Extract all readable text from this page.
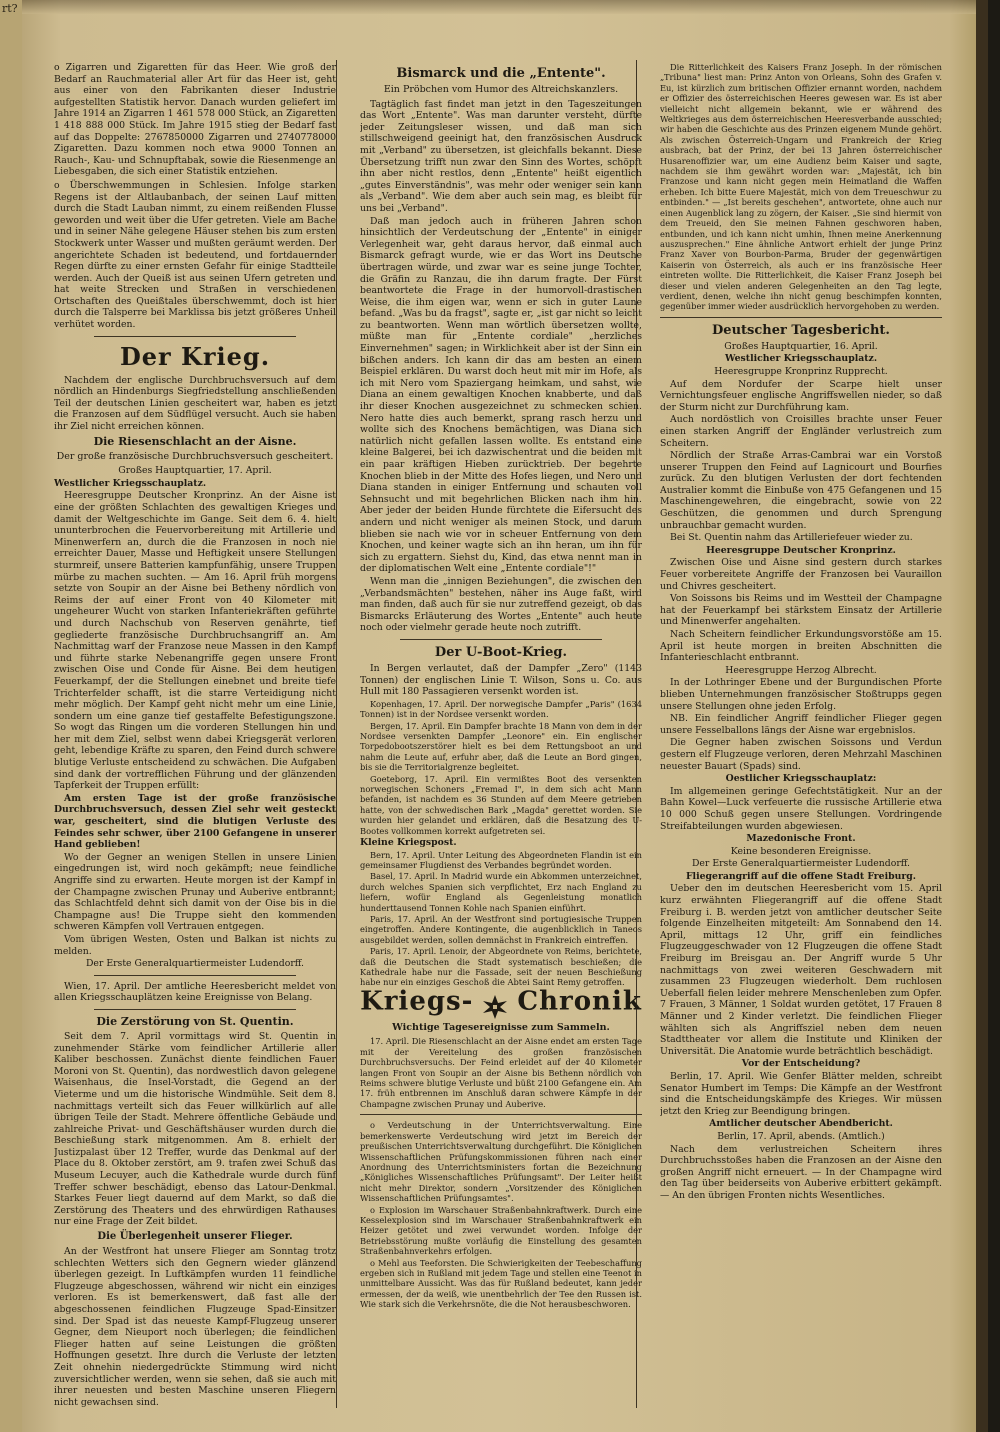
rt?

o Zigarren und Zigaretten für das Heer. Wie groß der Bedarf an Rauchmaterial aller Art für das Heer ist, geht aus einer von den Fabrikanten dieser Industrie aufgestellten Statistik hervor. Danach wurden geliefert im Jahre 1914 an Zigarren 1 461 578 000 Stück, an Zigaretten 1 418 888 000 Stück. Im Jahre 1915 stieg der Bedarf fast auf das Doppelte: 2767850000 Zigarren und 2740778000 Zigaretten. Dazu kommen noch etwa 9000 Tonnen an Rauch-, Kau- und Schnupftabak, sowie die Riesenmenge an Liebesgaben, die sich einer Statistik entziehen.

o Überschwemmungen in Schlesien. Infolge starken Regens ist der Altlaubanbach, der seinen Lauf mitten durch die Stadt Lauban nimmt, zu einem reißenden Flusse geworden und weit über die Ufer getreten. Viele am Bache und in seiner Nähe gelegene Häuser stehen bis zum ersten Stockwerk unter Wasser und mußten geräumt werden. Der angerichtete Schaden ist bedeutend, und fortdauernder Regen dürfte zu einer ernsten Gefahr für einige Stadtteile werden. Auch der Queiß ist aus seinen Ufern getreten und hat weite Strecken und Straßen in verschiedenen Ortschaften des Queißtales überschwemmt, doch ist hier durch die Talsperre bei Marklissa bis jetzt größeres Unheil verhütet worden.

Der Krieg.

Nachdem der englische Durchbruchsversuch auf dem nördlich an Hindenburgs Siegfriedstellung anschließenden Teil der deutschen Linien gescheitert war, haben es jetzt die Franzosen auf dem Südflügel versucht. Auch sie haben ihr Ziel nicht erreichen können.

Die Riesenschlacht an der Aisne.
Der große französische Durchbruchsversuch gescheitert.

Großes Hauptquartier, 17. April.

Westlicher Kriegsschauplatz.

Heeresgruppe Deutscher Kronprinz. An der Aisne ist eine der größten Schlachten des gewaltigen Krieges und damit der Weltgeschichte im Gange. Seit dem 6. 4. hielt ununterbrochen die Feuervorbereitung mit Artillerie und Minenwerfern an, durch die die Franzosen in noch nie erreichter Dauer, Masse und Heftigkeit unsere Stellungen sturmreif, unsere Batterien kampfunfähig, unsere Truppen mürbe zu machen suchten. — Am 16. April früh morgens setzte von Soupir an der Aisne bei Betheny nördlich von Reims der auf einer Front von 40 Kilometer mit ungeheurer Wucht von starken Infanteriekräften geführte und durch Nachschub von Reserven genährte, tief gegliederte französische Durchbruchsangriff an. Am Nachmittag warf der Franzose neue Massen in den Kampf und führte starke Nebenangriffe gegen unsere Front zwischen Oise und Conde für Aisne. Bei dem heutigen Feuerkampf, der die Stellungen einebnet und breite tiefe Trichterfelder schafft, ist die starre Verteidigung nicht mehr möglich. Der Kampf geht nicht mehr um eine Linie, sondern um eine ganze tief gestaffelte Befestigungszone. So wogt das Ringen um die vorderen Stellungen hin und her mit dem Ziel, selbst wenn dabei Kriegsgerät verloren geht, lebendige Kräfte zu sparen, den Feind durch schwere blutige Verluste entscheidend zu schwächen. Die Aufgaben sind dank der vortrefflichen Führung und der glänzenden Tapferkeit der Truppen erfüllt:

Am ersten Tage ist der große französische Durchbruchsversuch, dessen Ziel sehr weit gesteckt war, gescheitert, sind die blutigen Verluste des Feindes sehr schwer, über 2100 Gefangene in unserer Hand geblieben!

Wo der Gegner an wenigen Stellen in unsere Linien eingedrungen ist, wird noch gekämpft; neue feindliche Angriffe sind zu erwarten. Heute morgen ist der Kampf in der Champagne zwischen Prunay und Auberive entbrannt; das Schlachtfeld dehnt sich damit von der Oise bis in die Champagne aus! Die Truppe sieht den kommenden schweren Kämpfen voll Vertrauen entgegen.

Vom übrigen Westen, Osten und Balkan ist nichts zu melden.

Der Erste Generalquartiermeister Ludendorff.

Wien, 17. April. Der amtliche Heeresbericht meldet von allen Kriegsschauplätzen keine Ereignisse von Belang.

Die Zerstörung von St. Quentin.

Seit dem 7. April vormittags wird St. Quentin in zunehmender Stärke vom feindlicher Artillerie aller Kaliber beschossen. Zunächst diente feindlichen Fauer Moroni von St. Quentin), das nordwestlich davon gelegene Waisenhaus, die Insel-Vorstadt, die Gegend an der Vieterme und um die historische Windmühle. Seit dem 8. nachmittags verteilt sich das Feuer willkürlich auf alle übrigen Teile der Stadt. Mehrere öffentliche Gebäude und zahlreiche Privat- und Geschäftshäuser wurden durch die Beschießung stark mitgenommen. Am 8. erhielt der Justizpalast über 12 Treffer, wurde das Denkmal auf der Place du 8. Oktober zerstört, am 9. trafen zwei Schuß das Museum Lecuyer, auch die Kathedrale wurde durch fünf Treffer schwer beschädigt, ebenso das Latour-Denkmal. Starkes Feuer liegt dauernd auf dem Markt, so daß die Zerstörung des Theaters und des ehrwürdigen Rathauses nur eine Frage der Zeit bildet.

Die Überlegenheit unserer Flieger.

An der Westfront hat unsere Flieger am Sonntag trotz schlechten Wetters sich den Gegnern wieder glänzend überlegen gezeigt. In Luftkämpfen wurden 11 feindliche Flugzeuge abgeschossen, während wir nicht ein einziges verloren. Es ist bemerkenswert, daß fast alle der abgeschossenen feindlichen Flugzeuge Spad-Einsitzer sind. Der Spad ist das neueste Kampf-Flugzeug unserer Gegner, dem Nieuport noch überlegen; die feindlichen Flieger hatten auf seine Leistungen die größten Hoffnungen gesetzt. Ihre durch die Verluste der letzten Zeit ohnehin niedergedrückte Stimmung wird nicht zuversichtlicher werden, wenn sie sehen, daß sie auch mit ihrer neuesten und besten Maschine unseren Fliegern nicht gewachsen sind.

Bismarck und die „Entente".
Ein Pröbchen vom Humor des Altreichskanzlers.

Tagtäglich fast findet man jetzt in den Tageszeitungen das Wort „Entente". Was man darunter versteht, dürfte jeder Zeitungsleser wissen, und daß man sich stillschweigend geeinigt hat, den französischen Ausdruck mit „Verband" zu übersetzen, ist gleichfalls bekannt. Diese Übersetzung trifft nun zwar den Sinn des Wortes, schöpft ihn aber nicht restlos, denn „Entente" heißt eigentlich „gutes Einverständnis", was mehr oder weniger sein kann als „Verband". Wie dem aber auch sein mag, es bleibt für uns bei „Verband".

Daß man jedoch auch in früheren Jahren schon hinsichtlich der Verdeutschung der „Entente" in einiger Verlegenheit war, geht daraus hervor, daß einmal auch Bismarck gefragt wurde, wie er das Wort ins Deutsche übertragen würde, und zwar war es seine junge Tochter, die Gräfin zu Ranzau, die ihn darum fragte. Der Fürst beantwortete die Frage in der humorvoll-drastischen Weise, die ihm eigen war, wenn er sich in guter Laune befand. „Was bu da fragst", sagte er, „ist gar nicht so leicht zu beantworten. Wenn man wörtlich übersetzen wollte, müßte man für „Entente cordiale" „herzliches Einvernehmen" sagen; in Wirklichkeit aber ist der Sinn ein bißchen anders. Ich kann dir das am besten an einem Beispiel erklären. Du warst doch heut mit mir im Hofe, als ich mit Nero vom Spaziergang heimkam, und sahst, wie Diana an einem gewaltigen Knochen knabberte, und daß ihr dieser Knochen ausgezeichnet zu schmecken schien. Nero hatte dies auch bemerkt, sprang rasch herzu und wollte sich des Knochens bemächtigen, was Diana sich natürlich nicht gefallen lassen wollte. Es entstand eine kleine Balgerei, bei ich dazwischentrat und die beiden mit ein paar kräftigen Hieben zurücktrieb. Der begehrte Knochen blieb in der Mitte des Hofes liegen, und Nero und Diana standen in einiger Entfernung und schauten voll Sehnsucht und mit begehrlichen Blicken nach ihm hin. Aber jeder der beiden Hunde fürchtete die Eifersucht des andern und nicht weniger als meinen Stock, und darum blieben sie nach wie vor in scheuer Entfernung von dem Knochen, und keiner wagte sich an ihn heran, um ihn für sich zu ergattern. Siehst du, Kind, das etwa nennt man in der diplomatischen Welt eine „Entente cordiale"!"

Wenn man die „innigen Beziehungen", die zwischen den „Verbandsmächten" bestehen, näher ins Auge faßt, wird man finden, daß auch für sie nur zutreffend gezeigt, ob das Bismarcks Erläuterung des Wortes „Entente" auch heute noch oder vielmehr gerade heute noch zutrifft.

Der U-Boot-Krieg.

In Bergen verlautet, daß der Dampfer „Zero" (1143 Tonnen) der englischen Linie T. Wilson, Sons u. Co. aus Hull mit 180 Passagieren versenkt worden ist.

Kopenhagen, 17. April. Der norwegische Dampfer „Paris" (1634 Tonnen) ist in der Nordsee versenkt worden.

Bergen, 17. April. Ein Dampfer brachte 18 Mann von dem in der Nordsee versenkten Dampfer „Leonore" ein. Ein englischer Torpedobootszerstörer hielt es bei dem Rettungsboot an und nahm die Leute auf, erfuhr aber, daß die Leute an Bord gingen, bis sie die Territorialgrenze begleitet.

Goeteborg, 17. April. Ein vermißtes Boot des versenkten norwegischen Schoners „Fremad I", in dem sich acht Mann befanden, ist nachdem es 36 Stunden auf dem Meere getrieben hatte, von der schwedischen Bark „Magda" gerettet worden. Sie wurden hier gelandet und erklären, daß die Besatzung des U-Bootes vollkommen korrekt aufgetreten sei.

Kleine Kriegspost.

Bern, 17. April. Unter Leitung des Abgeordneten Flandin ist ein gemeinsamer Flugdienst des Verbandes begründet worden.

Basel, 17. April. In Madrid wurde ein Abkommen unterzeichnet, durch welches Spanien sich verpflichtet, Erz nach England zu liefern, wofür England als Gegenleistung monatlich hunderttausend Tonnen Kohle nach Spanien einführt.

Paris, 17. April. An der Westfront sind portugiesische Truppen eingetroffen. Andere Kontingente, die augenblicklich in Taneos ausgebildet werden, sollen demnächst in Frankreich eintreffen.

Paris, 17. April. Lenoir, der Abgeordnete von Reims, berichtete, daß die Deutschen die Stadt systematisch beschießen; die Kathedrale habe nur die Fassade, seit der neuen Beschießung habe nur ein einziges Geschoß die Abtei Saint Remy getroffen.

Kriegs- Chronik
Wichtige Tagesereignisse zum Sammeln.

17. April. Die Riesenschlacht an der Aisne endet am ersten Tage mit der Vereitelung des großen französischen Durchbruchsversuchs. Der Feind erleidet auf der 40 Kilometer langen Front von Soupir an der Aisne bis Bethenn nördlich von Reims schwere blutige Verluste und büßt 2100 Gefangene ein. Am 17. früh entbrennen im Anschluß daran schwere Kämpfe in der Champagne zwischen Prunay und Auberive.

o Verdeutschung in der Unterrichtsverwaltung. Eine bemerkenswerte Verdeutschung wird jetzt im Bereich der preußischen Unterrichtsverwaltung durchgeführt. Die Königlichen Wissenschaftlichen Prüfungskommissionen führen nach einer Anordnung des Unterrichtsministers fortan die Bezeichnung „Königliches Wissenschaftliches Prüfungsamt". Der Leiter heißt nicht mehr Direktor, sondern „Vorsitzender des Königlichen Wissenschaftlichen Prüfungsamtes".

o Explosion im Warschauer Straßenbahnkraftwerk. Durch eine Kesselexplosion sind im Warschauer Straßenbahnkraftwerk ein Heizer getötet und zwei verwundet worden. Infolge der Betriebsstörung mußte vorläufig die Einstellung des gesamten Straßenbahnverkehrs erfolgen.

o Mehl aus Teeforsten. Die Schwierigkeiten der Teebeschaffung ergeben sich in Rußland mit jedem Tage und stellen eine Teenot in unmittelbare Aussicht. Was das für Rußland bedeutet, kann jeder ermessen, der da weiß, wie unentbehrlich der Tee den Russen ist. Wie stark sich die Verkehrsnöte, die die Not herausbeschworen.

Die Ritterlichkeit des Kaisers Franz Joseph. In der römischen „Tribuna" liest man: Prinz Anton von Orleans, Sohn des Grafen v. Eu, ist kürzlich zum britischen Offizier ernannt worden, nachdem er Offizier des österreichischen Heeres gewesen war. Es ist aber vielleicht nicht allgemein bekannt, wie er während des Weltkrieges aus dem österreichischen Heeresverbande ausschied; wir haben die Geschichte aus des Prinzen eigenem Munde gehört. Als zwischen Österreich-Ungarn und Frankreich der Krieg ausbrach, bat der Prinz, der bei 13 Jahren österreichischer Husarenoffizier war, um eine Audienz beim Kaiser und sagte, nachdem sie ihm gewährt worden war: „Majestät, ich bin Franzose und kann nicht gegen mein Heimatland die Waffen erheben. Ich bitte Euere Majestät, mich von dem Treueschwur zu entbinden." — „Ist bereits geschehen", antwortete, ohne auch nur einen Augenblick lang zu zögern, der Kaiser. „Sie sind hiermit von dem Treueid, den Sie meinen Fahnen geschworen haben, entbunden, und ich kann nicht umhin, Ihnen meine Anerkennung auszusprechen." Eine ähnliche Antwort erhielt der junge Prinz Franz Xaver von Bourbon-Parma, Bruder der gegenwärtigen Kaiserin von Österreich, als auch er ins französische Heer eintreten wollte. Die Ritterlichkeit, die Kaiser Franz Joseph bei dieser und vielen anderen Gelegenheiten an den Tag legte, verdient, denen, welche ihn nicht genug beschimpfen konnten, gegenüber immer wieder ausdrücklich hervorgehoben zu werden.

Deutscher Tagesbericht.

Großes Hauptquartier, 16. April.

Westlicher Kriegsschauplatz.

Heeresgruppe Kronprinz Rupprecht.

Auf dem Nordufer der Scarpe hielt unser Vernichtungsfeuer englische Angriffswellen nieder, so daß der Sturm nicht zur Durchführung kam.

Auch nordöstlich von Croisilles brachte unser Feuer einen starken Angriff der Engländer verlustreich zum Scheitern.

Nördlich der Straße Arras-Cambrai war ein Vorstoß unserer Truppen den Feind auf Lagnicourt und Bourfies zurück. Zu den blutigen Verlusten der dort fechtenden Australier kommt die Einbuße von 475 Gefangenen und 15 Maschinengewehren, die eingebracht, sowie von 22 Geschützen, die genommen und durch Sprengung unbrauchbar gemacht wurden.

Bei St. Quentin nahm das Artilleriefeuer wieder zu.

Heeresgruppe Deutscher Kronprinz.

Zwischen Oise und Aisne sind gestern durch starkes Feuer vorbereitete Angriffe der Franzosen bei Vauraillon und Chivres gescheitert.

Von Soissons bis Reims und im Westteil der Champagne hat der Feuerkampf bei stärkstem Einsatz der Artillerie und Minenwerfer angehalten.

Nach Scheitern feindlicher Erkundungsvorstöße am 15. April ist heute morgen in breiten Abschnitten die Infanterieschlacht entbrannt.

Heeresgruppe Herzog Albrecht.

In der Lothringer Ebene und der Burgundischen Pforte blieben Unternehmungen französischer Stoßtrupps gegen unsere Stellungen ohne jeden Erfolg.

NB. Ein feindlicher Angriff feindlicher Flieger gegen unsere Fesselballons längs der Aisne war ergebnislos.

Die Gegner haben zwischen Soissons und Verdun gestern elf Flugzeuge verloren, deren Mehrzahl Maschinen neuester Bauart (Spads) sind.

Oestlicher Kriegsschauplatz:

Im allgemeinen geringe Gefechtstätigkeit. Nur an der Bahn Kowel—Luck verfeuerte die russische Artillerie etwa 10 000 Schuß gegen unsere Stellungen. Vordringende Streifabteilungen wurden abgewiesen.

Mazedonische Front.

Keine besonderen Ereignisse.

Der Erste Generalquartiermeister Ludendorff.

Fliegerangriff auf die offene Stadt Freiburg.

Ueber den im deutschen Heeresbericht vom 15. April kurz erwähnten Fliegerangriff auf die offene Stadt Freiburg i. B. werden jetzt von amtlicher deutscher Seite folgende Einzelheiten mitgeteilt: Am Sonnabend den 14. April, mittags 12 Uhr, griff ein feindliches Flugzeuggeschwader von 12 Flugzeugen die offene Stadt Freiburg im Breisgau an. Der Angriff wurde 5 Uhr nachmittags von zwei weiteren Geschwadern mit zusammen 23 Flugzeugen wiederholt. Dem ruchlosen Ueberfall fielen leider mehrere Menschenleben zum Opfer. 7 Frauen, 3 Männer, 1 Soldat wurden getötet, 17 Frauen 8 Männer und 2 Kinder verletzt. Die feindlichen Flieger wählten sich als Angriffsziel neben dem neuen Stadttheater vor allem die Institute und Kliniken der Universität. Die Anatomie wurde beträchtlich beschädigt.

Vor der Entscheidung?

Berlin, 17. April. Wie Genfer Blätter melden, schreibt Senator Humbert im Temps: Die Kämpfe an der Westfront sind die Entscheidungskämpfe des Krieges. Wir müssen jetzt den Krieg zur Beendigung bringen.

Amtlicher deutscher Abendbericht.

Berlin, 17. April, abends. (Amtlich.)

Nach dem verlustreichen Scheitern ihres Durchbruchsstoßes haben die Franzosen an der Aisne den großen Angriff nicht erneuert. — In der Champagne wird den Tag über beiderseits von Auberive erbittert gekämpft.— An den übrigen Fronten nichts Wesentliches.
